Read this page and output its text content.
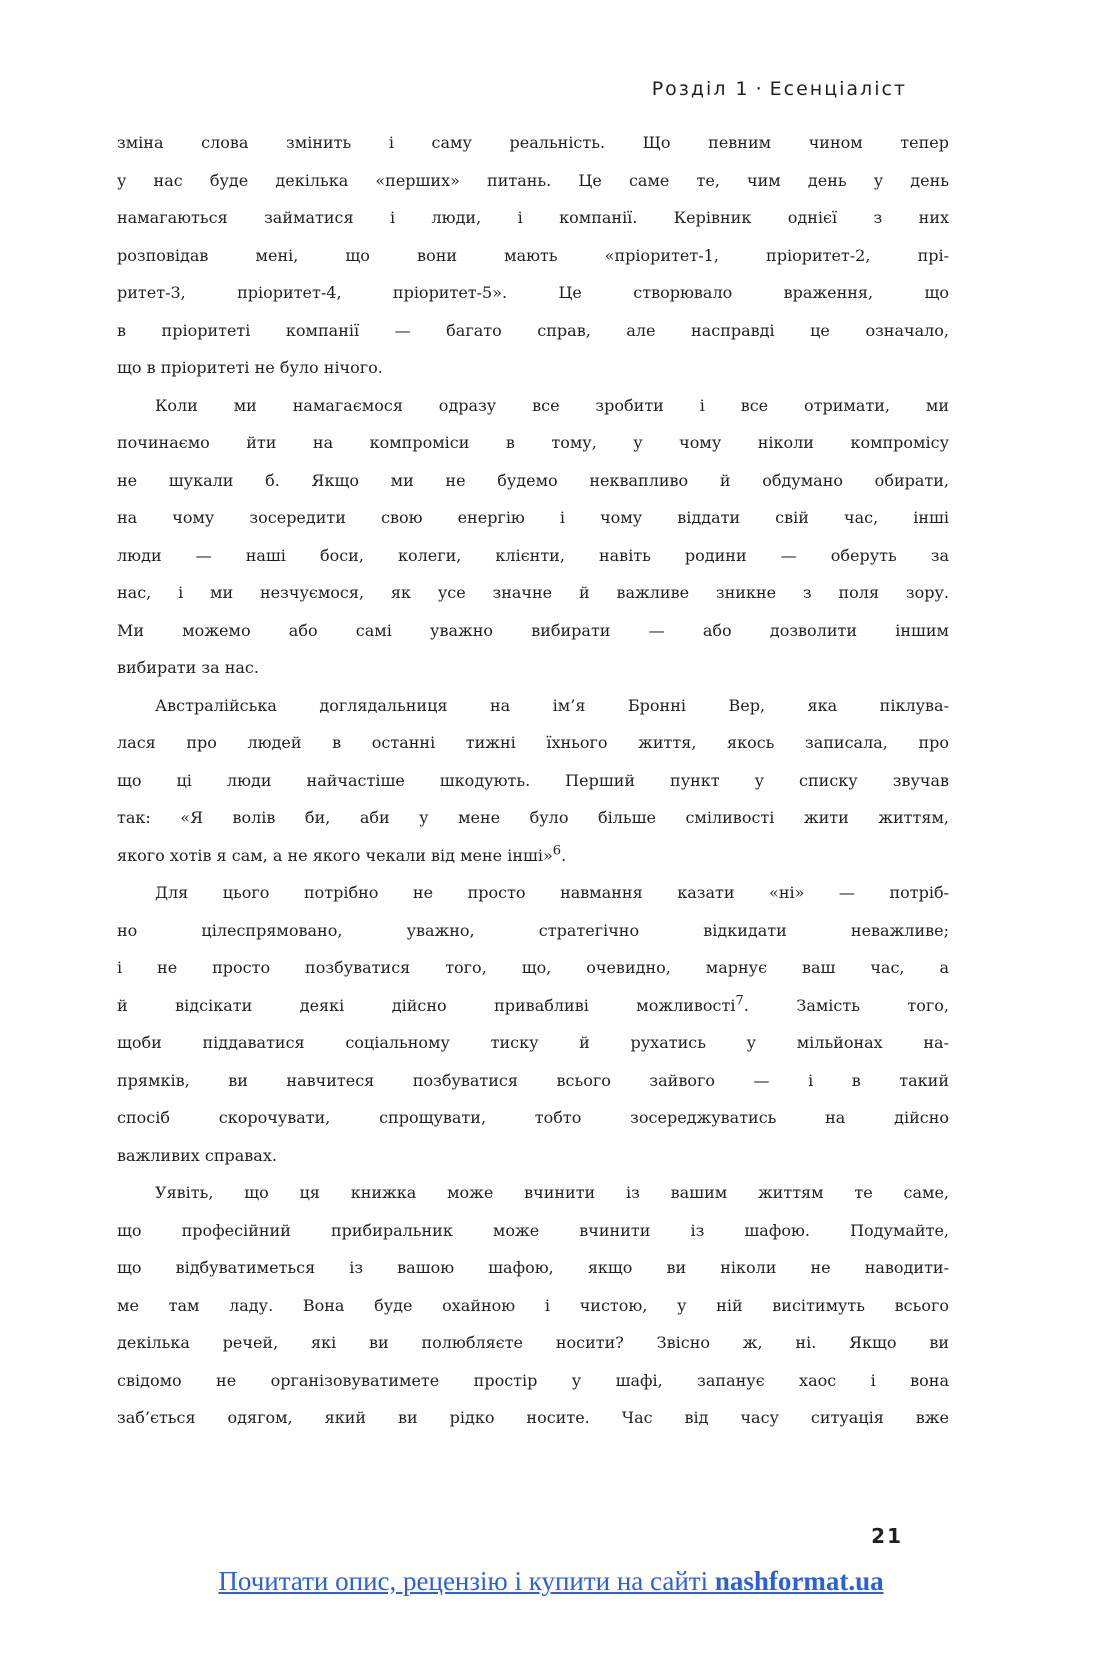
Розділ 1 · Есенціаліст
зміна слова змінить і саму реальність. Що певним чином тепер
у нас буде декілька «перших» питань. Це саме те, чим день у день
намагаються займатися і люди, і компанії. Керівник однієї з них
розповідав мені, що вони мають «пріоритет-1, пріоритет-2, прі-
ритет-3, пріоритет-4, пріоритет-5». Це створювало враження, що
в пріоритеті компанії — багато справ, але насправді це означало,
що в пріоритеті не було нічого.
Коли ми намагаємося одразу все зробити і все отримати, ми
починаємо йти на компроміси в тому, у чому ніколи компромісу
не шукали б. Якщо ми не будемо неквапливо й обдумано обирати,
на чому зосередити свою енергію і чому віддати свій час, інші
люди — наші боси, колеги, клієнти, навіть родини — оберуть за
нас, і ми незчуємося, як усе значне й важливе зникне з поля зору.
Ми можемо або самі уважно вибирати — або дозволити іншим
вибирати за нас.
Австралійська доглядальниця на ім’я Бронні Вер, яка піклува-
лася про людей в останні тижні їхнього життя, якось записала, про
що ці люди найчастіше шкодують. Перший пункт у списку звучав
так: «Я волів би, аби у мене було більше сміливості жити життям,
якого хотів я сам, а не якого чекали від мене інші»$^6$.
Для цього потрібно не просто навмання казати «ні» — потріб-
но цілеспрямовано, уважно, стратегічно відкидати неважливе;
і не просто позбуватися того, що, очевидно, марнує ваш час, а
й відсікати деякі дійсно привабливі можливості$^7$. Замість того,
щоби піддаватися соціальному тиску й рухатись у мільйонах на-
прямків, ви навчитеся позбуватися всього зайвого — і в такий
спосіб скорочувати, спрощувати, тобто зосереджуватись на дійсно
важливих справах.
Уявіть, що ця книжка може вчинити із вашим життям те саме,
що професійний прибиральник може вчинити із шафою. Подумайте,
що відбуватиметься із вашою шафою, якщо ви ніколи не наводити-
ме там ладу. Вона буде охайною і чистою, у ній висітимуть всього
декілька речей, які ви полюбляєте носити? Звісно ж, ні. Якщо ви
свідомо не організовуватимете простір у шафі, запанує хаос і вона
заб’ється одягом, який ви рідко носите. Час від часу ситуація вже
21
Почитати опис, рецензію і купити на сайті nashformat.ua
